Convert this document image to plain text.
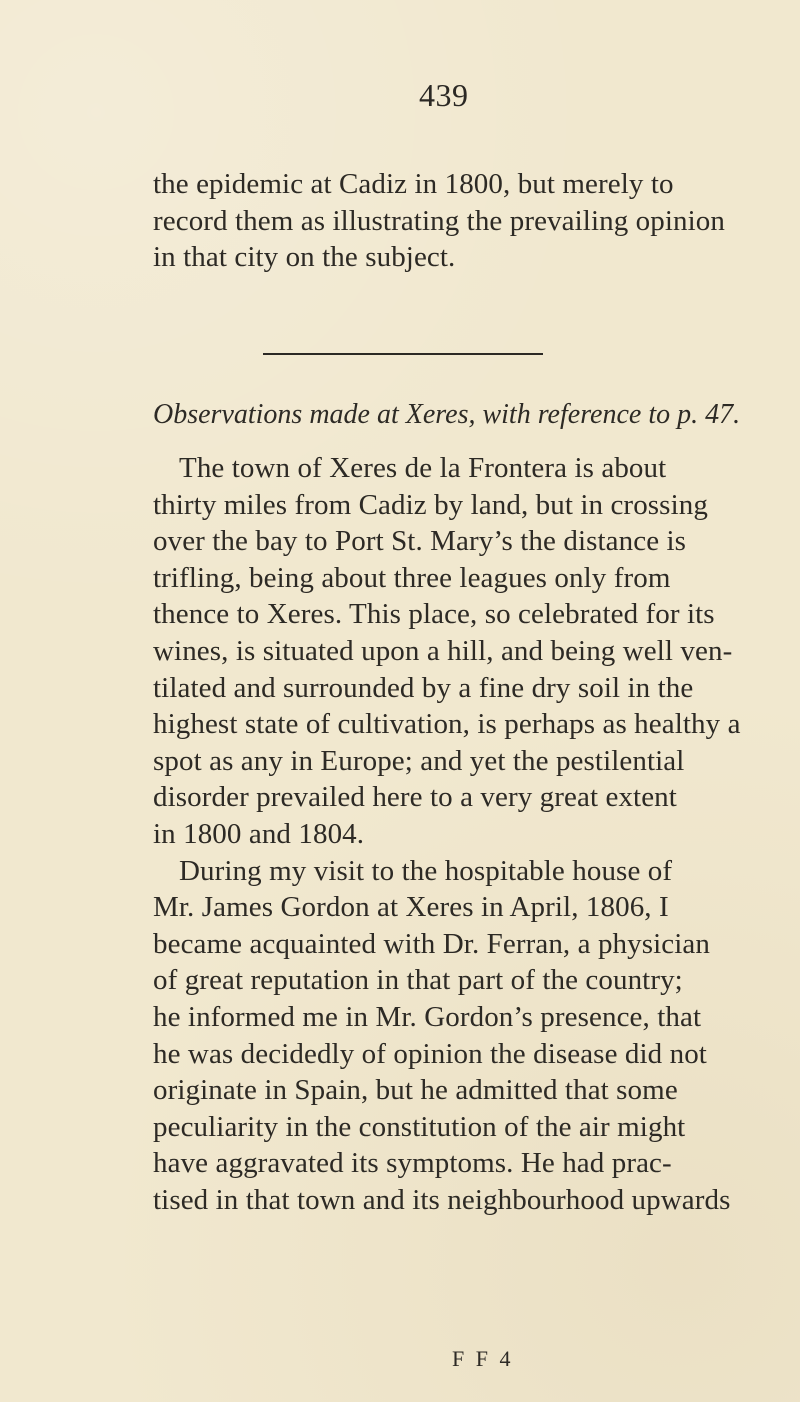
439
the epidemic at Cadiz in 1800, but merely to
record them as illustrating the prevailing opinion
in that city on the subject.
Observations made at Xeres, with reference to p. 47.
The town of Xeres de la Frontera is about
thirty miles from Cadiz by land, but in crossing
over the bay to Port St. Mary’s the distance is
trifling, being about three leagues only from
thence to Xeres. This place, so celebrated for its
wines, is situated upon a hill, and being well ven-
tilated and surrounded by a fine dry soil in the
highest state of cultivation, is perhaps as healthy a
spot as any in Europe; and yet the pestilential
disorder prevailed here to a very great extent
in 1800 and 1804.
During my visit to the hospitable house of
Mr. James Gordon at Xeres in April, 1806, I
became acquainted with Dr. Ferran, a physician
of great reputation in that part of the country;
he informed me in Mr. Gordon’s presence, that
he was decidedly of opinion the disease did not
originate in Spain, but he admitted that some
peculiarity in the constitution of the air might
have aggravated its symptoms. He had prac-
tised in that town and its neighbourhood upwards
F F 4
